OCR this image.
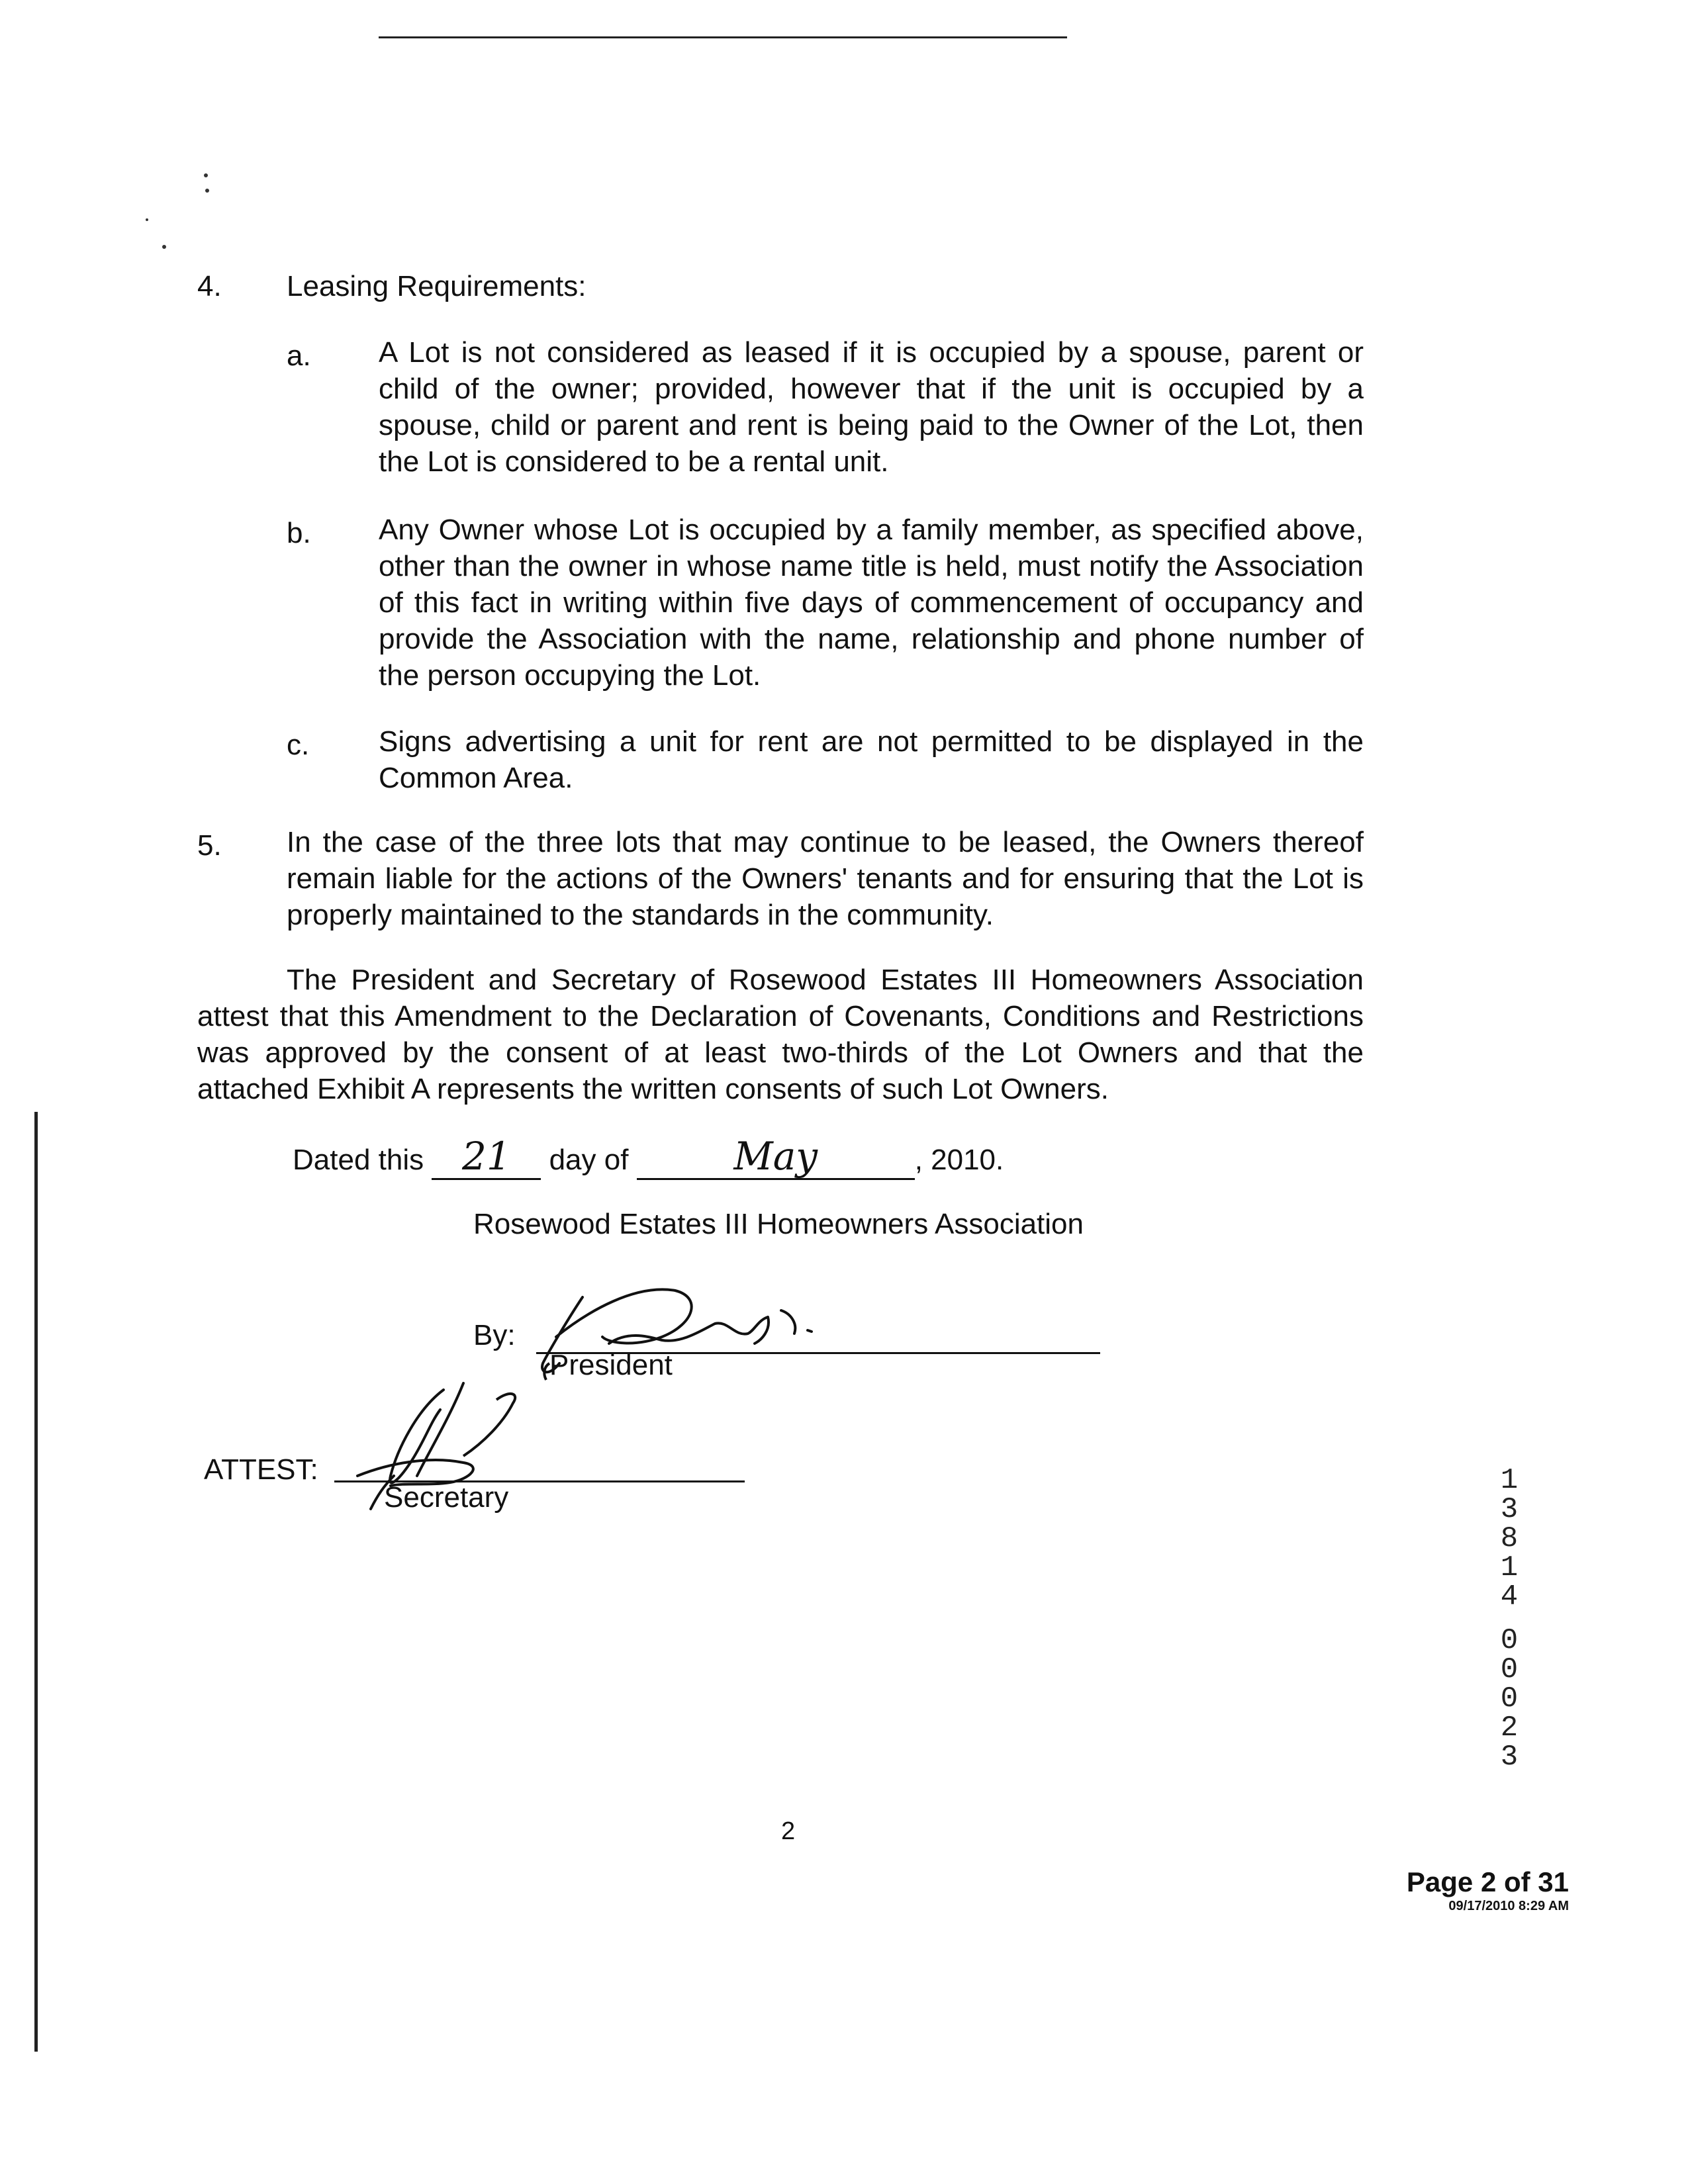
4. Leasing Requirements:
a. A Lot is not considered as leased if it is occupied by a spouse, parent or child of the owner; provided, however that if the unit is occupied by a spouse, child or parent and rent is being paid to the Owner of the Lot, then the Lot is considered to be a rental unit.
b. Any Owner whose Lot is occupied by a family member, as specified above, other than the owner in whose name title is held, must notify the Association of this fact in writing within five days of commencement of occupancy and provide the Association with the name, relationship and phone number of the person occupying the Lot.
c. Signs advertising a unit for rent are not permitted to be displayed in the Common Area.
5. In the case of the three lots that may continue to be leased, the Owners thereof remain liable for the actions of the Owners' tenants and for ensuring that the Lot is properly maintained to the standards in the community.
The President and Secretary of Rosewood Estates III Homeowners Association attest that this Amendment to the Declaration of Covenants, Conditions and Restrictions was approved by the consent of at least two-thirds of the Lot Owners and that the attached Exhibit A represents the written consents of such Lot Owners.
Dated this 21 day of	May	, 2010.
Rosewood Estates III Homeowners Association
By:
President
ATTEST:
Secretary
1
3
8
1
4
0
0
0
2
3
2
Page 2 of 31
09/17/2010 8:29 AM
